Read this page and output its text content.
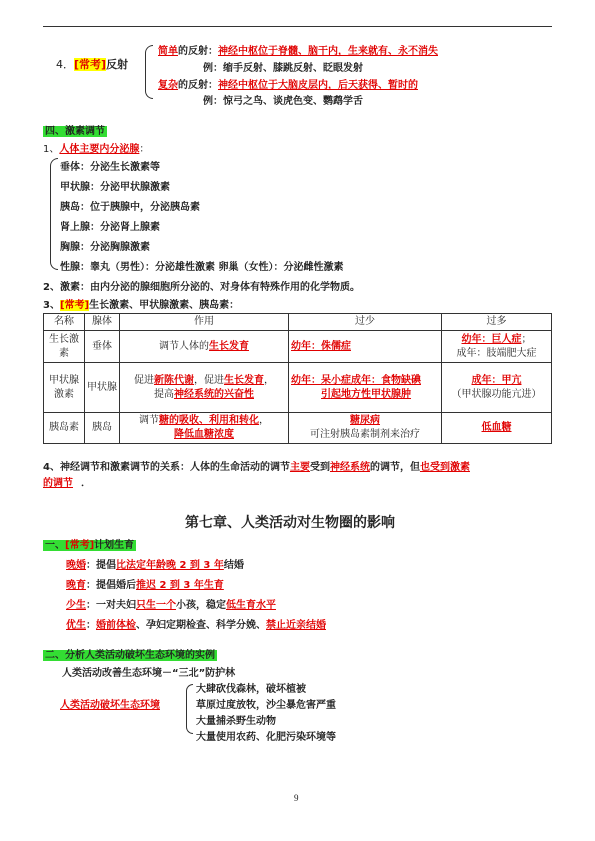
4．[常考]反射
简单的反射：神经中枢位于脊髓、脑干内，生来就有、永不消失
例：缩手反射、膝跳反射、眨眼发射
复杂的反射：神经中枢位于大脑皮层内，后天获得、暂时的
例：惊弓之鸟、谈虎色变、鹦鹉学舌
四、激素调节
1、人体主要内分泌腺：
垂体：分泌生长激素等
甲状腺：分泌甲状腺激素
胰岛：位于胰腺中，分泌胰岛素
肾上腺：分泌肾上腺素
胸腺：分泌胸腺激素
性腺：睾丸（男性）：分泌雄性激素 卵巢（女性）：分泌雌性激素
2、激素：由内分泌的腺细胞所分泌的、对身体有特殊作用的化学物质。
3、[常考]生长激素、甲状腺激素、胰岛素：
名称	腺体	作用	过少	过多
生长激素	垂体	调节人体的生长发育	幼年：侏儒症	幼年：巨人症；
成年：肢端肥大症
甲状腺激素	甲状腺	促进新陈代谢，促进生长发育，
提高神经系统的兴奋性	幼年：呆小症成年：食物缺碘
引起地方性甲状腺肿	成年：甲亢
（甲状腺功能亢进）
胰岛素	胰岛	调节糖的吸收、利用和转化，
降低血糖浓度	糖尿病
可注射胰岛素制剂来治疗	低血糖
4、神经调节和激素调节的关系：人体的生命活动的调节主要受到神经系统的调节，但也受到激素
的调节 ．
第七章、人类活动对生物圈的影响
一、[常考]计划生育
晚婚：提倡比法定年龄晚 2 到 3 年结婚
晚育：提倡婚后推迟 2 到 3 年生育
少生：一对夫妇只生一个小孩，稳定低生育水平
优生：婚前体检、孕妇定期检查、科学分娩、禁止近亲结婚
二、分析人类活动破坏生态环境的实例
人类活动改善生态环境－“三北”防护林
人类活动破坏生态环境
大肆砍伐森林，破坏植被
草原过度放牧，沙尘暴危害严重
大量捕杀野生动物
大量使用农药、化肥污染环境等
9
